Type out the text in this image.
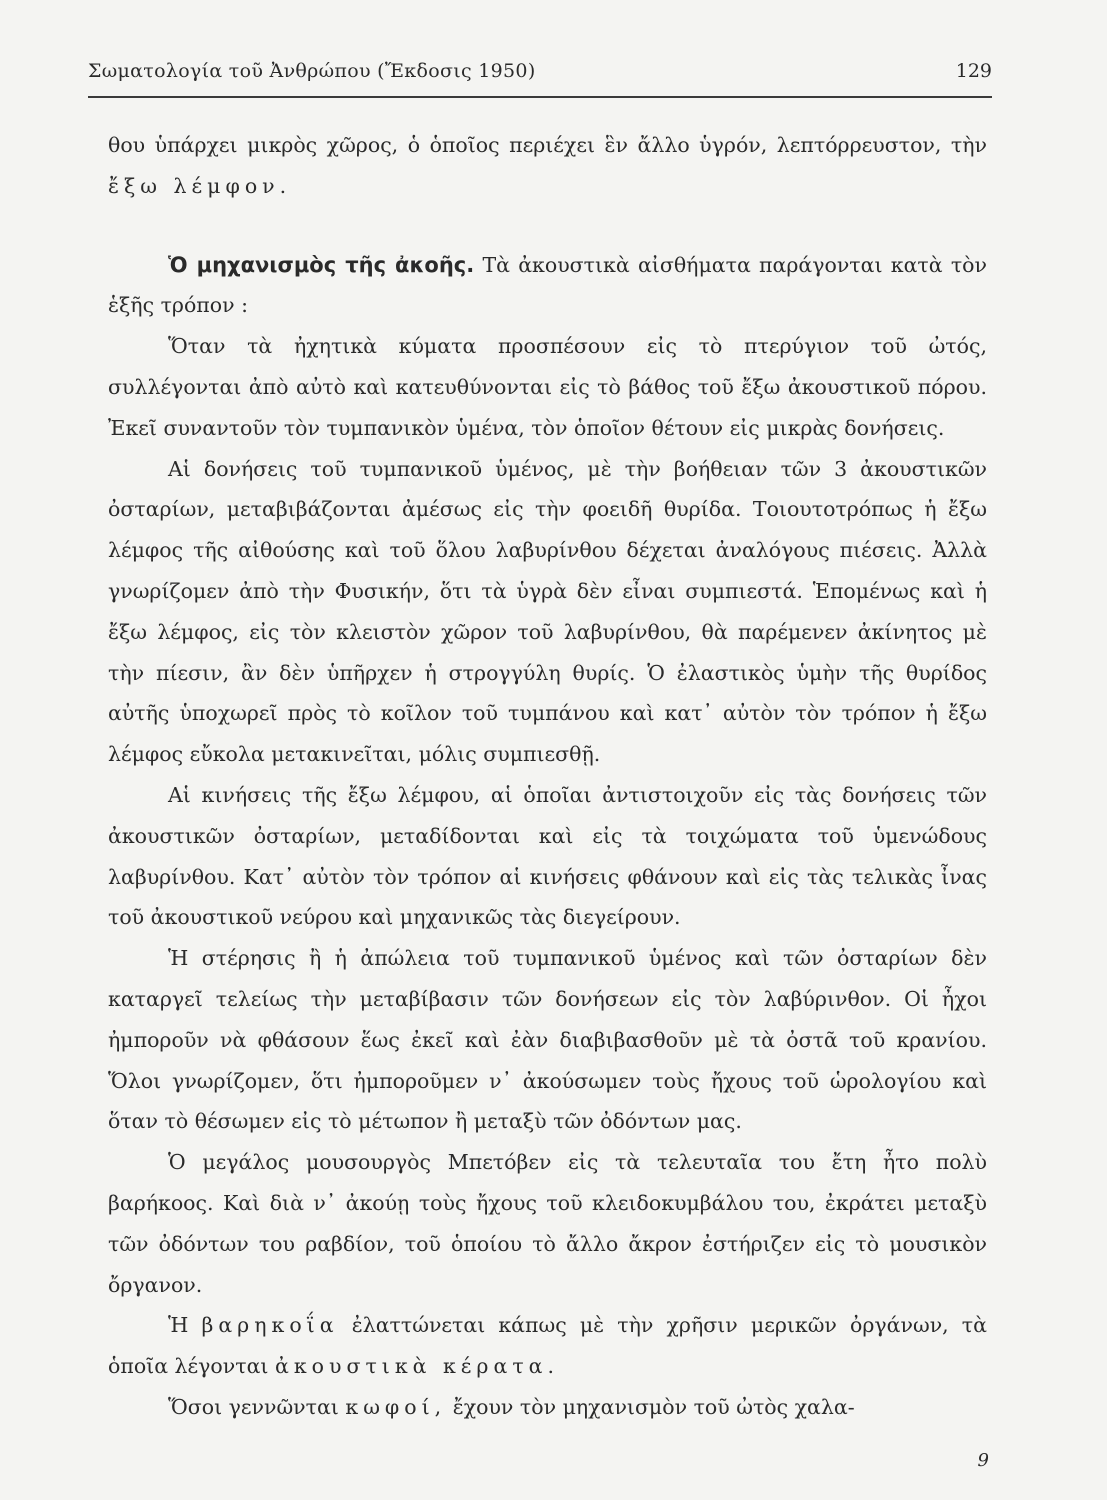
Σωματολογία τοῦ Ἀνθρώπου (Ἔκδοσις 1950)	129

θου ὑπάρχει μικρὸς χῶρος, ὁ ὁποῖος περιέχει ἓν ἄλλο ὑγρόν, λεπτόρρευστον, τὴν ἔξω λέμφον.

Ὁ μηχανισμὸς τῆς ἀκοῆς. Τὰ ἀκουστικὰ αἰσθήματα παράγονται κατὰ τὸν ἑξῆς τρόπον :

Ὅταν τὰ ἠχητικὰ κύματα προσπέσουν εἰς τὸ πτερύγιον τοῦ ὠτός, συλλέγονται ἀπὸ αὐτὸ καὶ κατευθύνονται εἰς τὸ βάθος τοῦ ἔξω ἀκουστικοῦ πόρου. Ἐκεῖ συναντοῦν τὸν τυμπανικὸν ὑμένα, τὸν ὁποῖον θέτουν εἰς μικρὰς δονήσεις.

Αἱ δονήσεις τοῦ τυμπανικοῦ ὑμένος, μὲ τὴν βοήθειαν τῶν 3 ἀκουστικῶν ὀσταρίων, μεταβιβάζονται ἀμέσως εἰς τὴν φοειδῆ θυρίδα. Τοιουτοτρόπως ἡ ἔξω λέμφος τῆς αἰθούσης καὶ τοῦ ὅλου λαβυρίνθου δέχεται ἀναλόγους πιέσεις. Ἀλλὰ γνωρίζομεν ἀπὸ τὴν Φυσικήν, ὅτι τὰ ὑγρὰ δὲν εἶναι συμπιεστά. Ἑπομένως καὶ ἡ ἔξω λέμφος, εἰς τὸν κλειστὸν χῶρον τοῦ λαβυρίνθου, θὰ παρέμενεν ἀκίνητος μὲ τὴν πίεσιν, ἂν δὲν ὑπῆρχεν ἡ στρογγύλη θυρίς. Ὁ ἐλαστικὸς ὑμὴν τῆς θυρίδος αὐτῆς ὑποχωρεῖ πρὸς τὸ κοῖλον τοῦ τυμπάνου καὶ κατ᾽ αὐτὸν τὸν τρόπον ἡ ἔξω λέμφος εὔκολα μετακινεῖται, μόλις συμπιεσθῇ.

Αἱ κινήσεις τῆς ἔξω λέμφου, αἱ ὁποῖαι ἀντιστοιχοῦν εἰς τὰς δονήσεις τῶν ἀκουστικῶν ὀσταρίων, μεταδίδονται καὶ εἰς τὰ τοιχώματα τοῦ ὑμενώδους λαβυρίνθου. Κατ᾽ αὐτὸν τὸν τρόπον αἱ κινήσεις φθάνουν καὶ εἰς τὰς τελικὰς ἶνας τοῦ ἀκουστικοῦ νεύρου καὶ μηχανικῶς τὰς διεγείρουν.

Ἡ στέρησις ἢ ἡ ἀπώλεια τοῦ τυμπανικοῦ ὑμένος καὶ τῶν ὀσταρίων δὲν καταργεῖ τελείως τὴν μεταβίβασιν τῶν δονήσεων εἰς τὸν λαβύρινθον. Οἱ ἦχοι ἠμποροῦν νὰ φθάσουν ἕως ἐκεῖ καὶ ἐὰν διαβιβασθοῦν μὲ τὰ ὀστᾶ τοῦ κρανίου. Ὅλοι γνωρίζομεν, ὅτι ἠμποροῦμεν ν᾽ ἀκούσωμεν τοὺς ἤχους τοῦ ὡρολογίου καὶ ὅταν τὸ θέσωμεν εἰς τὸ μέτωπον ἢ μεταξὺ τῶν ὀδόντων μας.

Ὁ μεγάλος μουσουργὸς Μπετόβεν εἰς τὰ τελευταῖα του ἔτη ἦτο πολὺ βαρήκοος. Καὶ διὰ ν᾽ ἀκούῃ τοὺς ἤχους τοῦ κλειδοκυμβάλου του, ἐκράτει μεταξὺ τῶν ὀδόντων του ραβδίον, τοῦ ὁποίου τὸ ἄλλο ἄκρον ἐστήριζεν εἰς τὸ μουσικὸν ὄργανον.

Ἡ βαρηκοΐα ἐλαττώνεται κάπως μὲ τὴν χρῆσιν μερικῶν ὀργάνων, τὰ ὁποῖα λέγονται ἀκουστικὰ κέρατα.

Ὅσοι γεννῶνται κωφοί, ἔχουν τὸν μηχανισμὸν τοῦ ὠτὸς χαλα-

9
